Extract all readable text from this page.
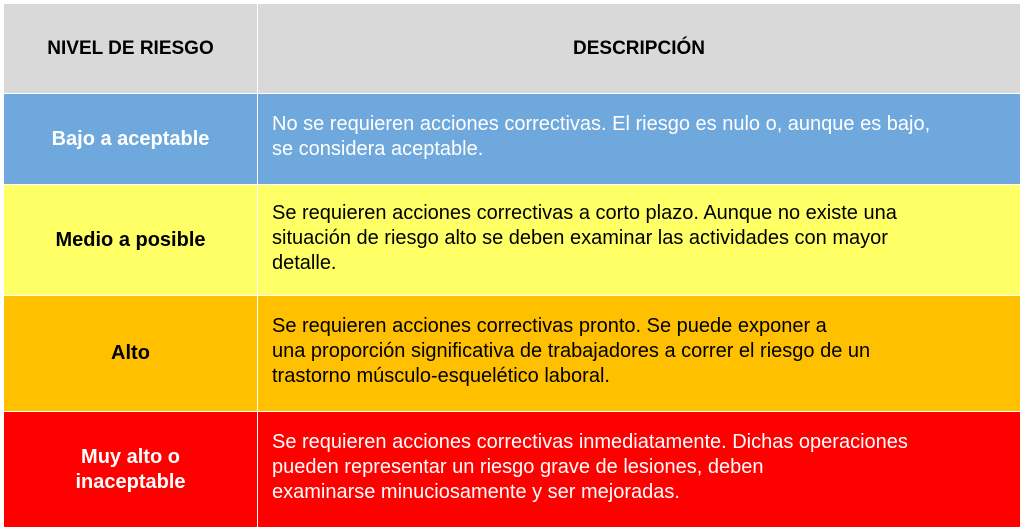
NIVEL DE RIESGO	DESCRIPCIÓN
Bajo a aceptable	No se requieren acciones correctivas. El riesgo es nulo o, aunque es bajo,
se considera aceptable.

Medio a posible	Se requieren acciones correctivas a corto plazo. Aunque no existe una
situación de riesgo alto se deben examinar las actividades con mayor
detalle.

Alto	Se requieren acciones correctivas pronto. Se puede exponer a
una proporción significativa de trabajadores a correr el riesgo de un
trastorno músculo-esquelético laboral.

Muy alto o
inaceptable	Se requieren acciones correctivas inmediatamente. Dichas operaciones
pueden representar un riesgo grave de lesiones, deben
examinarse minuciosamente y ser mejoradas.
